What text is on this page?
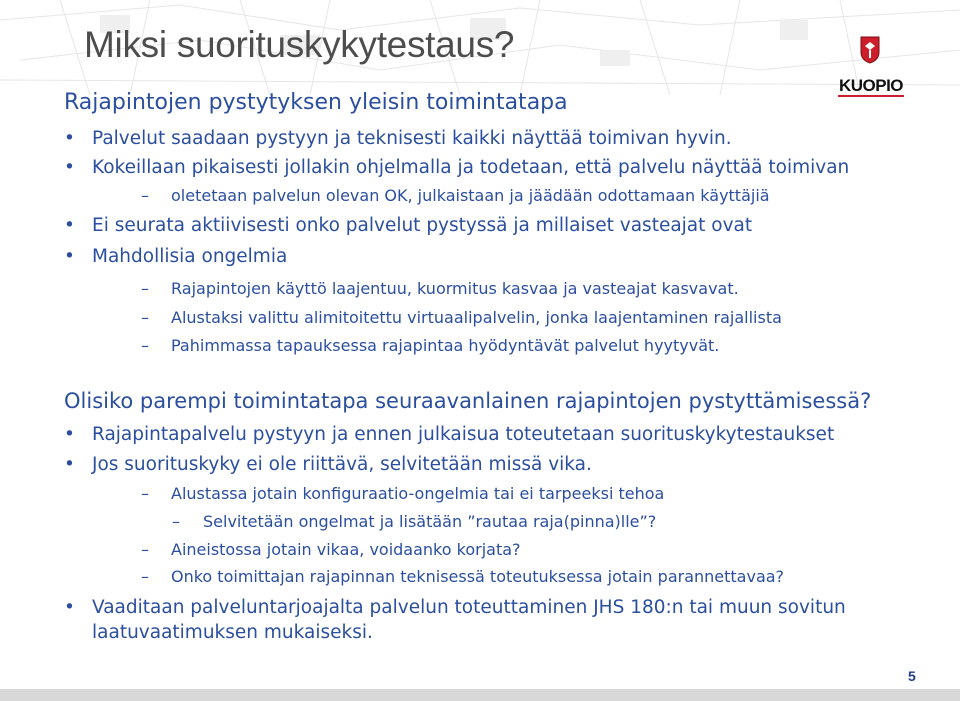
Miksi suorituskykytestaus?
KUOPIO
Rajapintojen pystytyksen yleisin toimintatapa
• Palvelut saadaan pystyyn ja teknisesti kaikki näyttää toimivan hyvin.
• Kokeillaan pikaisesti jollakin ohjelmalla ja todetaan, että palvelu näyttää toimivan
– oletetaan palvelun olevan OK, julkaistaan ja jäädään odottamaan käyttäjiä
• Ei seurata aktiivisesti onko palvelut pystyssä ja millaiset vasteajat ovat
• Mahdollisia ongelmia
– Rajapintojen käyttö laajentuu, kuormitus kasvaa ja vasteajat kasvavat.
– Alustaksi valittu alimitoitettu virtuaalipalvelin, jonka laajentaminen rajallista
– Pahimmassa tapauksessa rajapintaa hyödyntävät palvelut hyytyvät.
Olisiko parempi toimintatapa seuraavanlainen rajapintojen pystyttämisessä?
• Rajapintapalvelu pystyyn ja ennen julkaisua toteutetaan suorituskykytestaukset
• Jos suorituskyky ei ole riittävä, selvitetään missä vika.
– Alustassa jotain konfiguraatio-ongelmia tai ei tarpeeksi tehoa
– Selvitetään ongelmat ja lisätään ”rautaa raja(pinna)lle”?
– Aineistossa jotain vikaa, voidaanko korjata?
– Onko toimittajan rajapinnan teknisessä toteutuksessa jotain parannettavaa?
• Vaaditaan palveluntarjoajalta palvelun toteuttaminen JHS 180:n tai muun sovitun
laatuvaatimuksen mukaiseksi.
5
